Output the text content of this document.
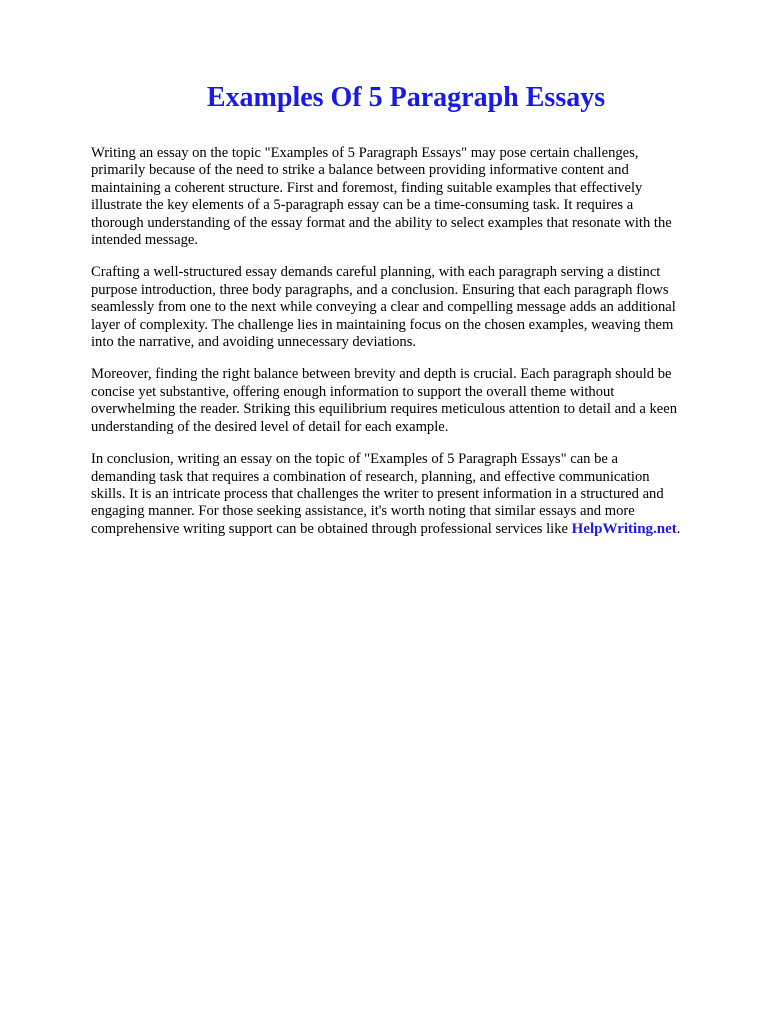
Examples Of 5 Paragraph Essays

Writing an essay on the topic "Examples of 5 Paragraph Essays" may pose certain challenges,
primarily because of the need to strike a balance between providing informative content and
maintaining a coherent structure. First and foremost, finding suitable examples that effectively
illustrate the key elements of a 5-paragraph essay can be a time-consuming task. It requires a
thorough understanding of the essay format and the ability to select examples that resonate with the
intended message.

Crafting a well-structured essay demands careful planning, with each paragraph serving a distinct
purpose introduction, three body paragraphs, and a conclusion. Ensuring that each paragraph flows
seamlessly from one to the next while conveying a clear and compelling message adds an additional
layer of complexity. The challenge lies in maintaining focus on the chosen examples, weaving them
into the narrative, and avoiding unnecessary deviations.

Moreover, finding the right balance between brevity and depth is crucial. Each paragraph should be
concise yet substantive, offering enough information to support the overall theme without
overwhelming the reader. Striking this equilibrium requires meticulous attention to detail and a keen
understanding of the desired level of detail for each example.

In conclusion, writing an essay on the topic of "Examples of 5 Paragraph Essays" can be a
demanding task that requires a combination of research, planning, and effective communication
skills. It is an intricate process that challenges the writer to present information in a structured and
engaging manner. For those seeking assistance, it's worth noting that similar essays and more
comprehensive writing support can be obtained through professional services like HelpWriting.net.
